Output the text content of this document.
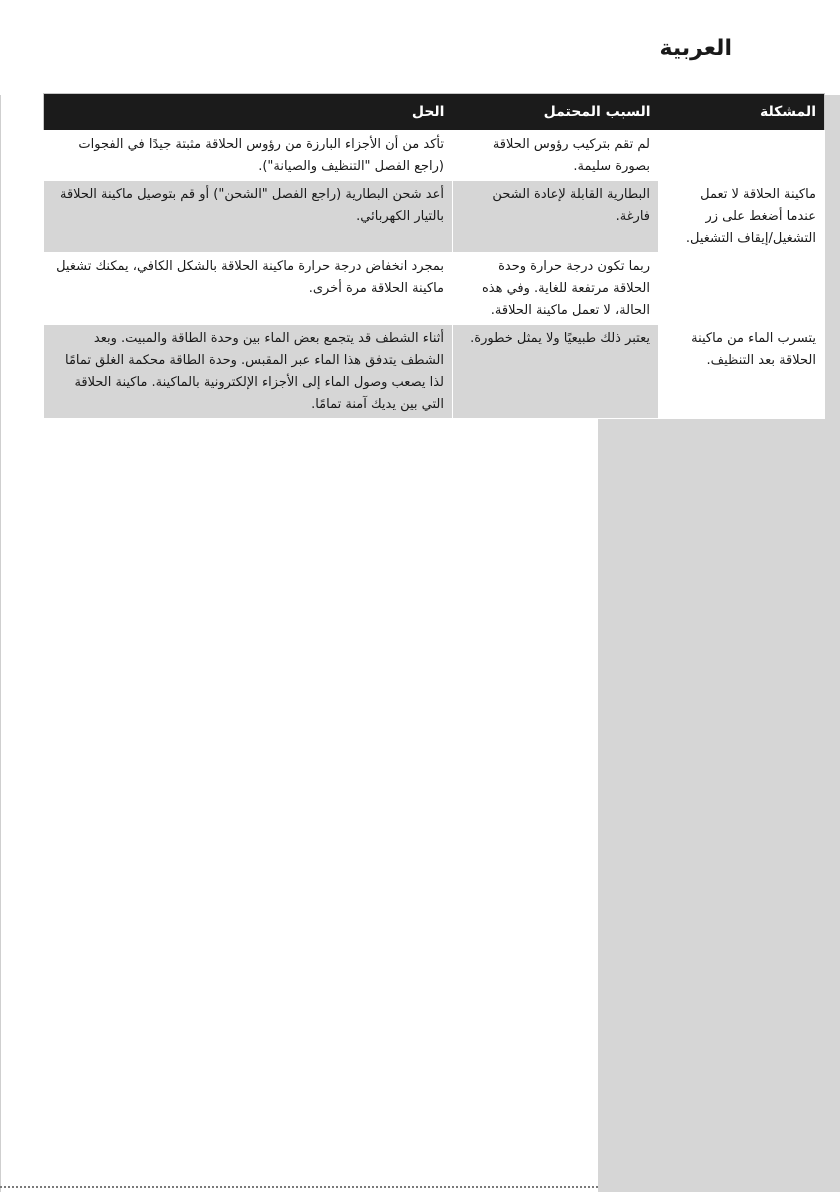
العربية
المشكلة	السبب المحتمل	الحل
	لم تقم بتركيب رؤوس الحلاقة بصورة سليمة.	تأكد من أن الأجزاء البارزة من رؤوس الحلاقة مثبتة جيدًا في الفجوات (راجع الفصل "التنظيف والصيانة").
ماكينة الحلاقة لا تعمل عندما أضغط على زر التشغيل/إيقاف التشغيل.	البطارية القابلة لإعادة الشحن فارغة.	أعد شحن البطارية (راجع الفصل "الشحن") أو قم بتوصيل ماكينة الحلاقة بالتيار الكهربائي.
	ربما تكون درجة حرارة وحدة الحلاقة مرتفعة للغاية. وفي هذه الحالة، لا تعمل ماكينة الحلاقة.	بمجرد انخفاض درجة حرارة ماكينة الحلاقة بالشكل الكافي، يمكنك تشغيل ماكينة الحلاقة مرة أخرى.
يتسرب الماء من ماكينة الحلاقة بعد التنظيف.	يعتبر ذلك طبيعيًا ولا يمثل خطورة.	أثناء الشطف قد يتجمع بعض الماء بين وحدة الطاقة والمبيت. وبعد الشطف يتدفق هذا الماء عبر المقبس. وحدة الطاقة محكمة الغلق تمامًا لذا يصعب وصول الماء إلى الأجزاء الإلكترونية بالماكينة. ماكينة الحلاقة التي بين يديك آمنة تمامًا.
